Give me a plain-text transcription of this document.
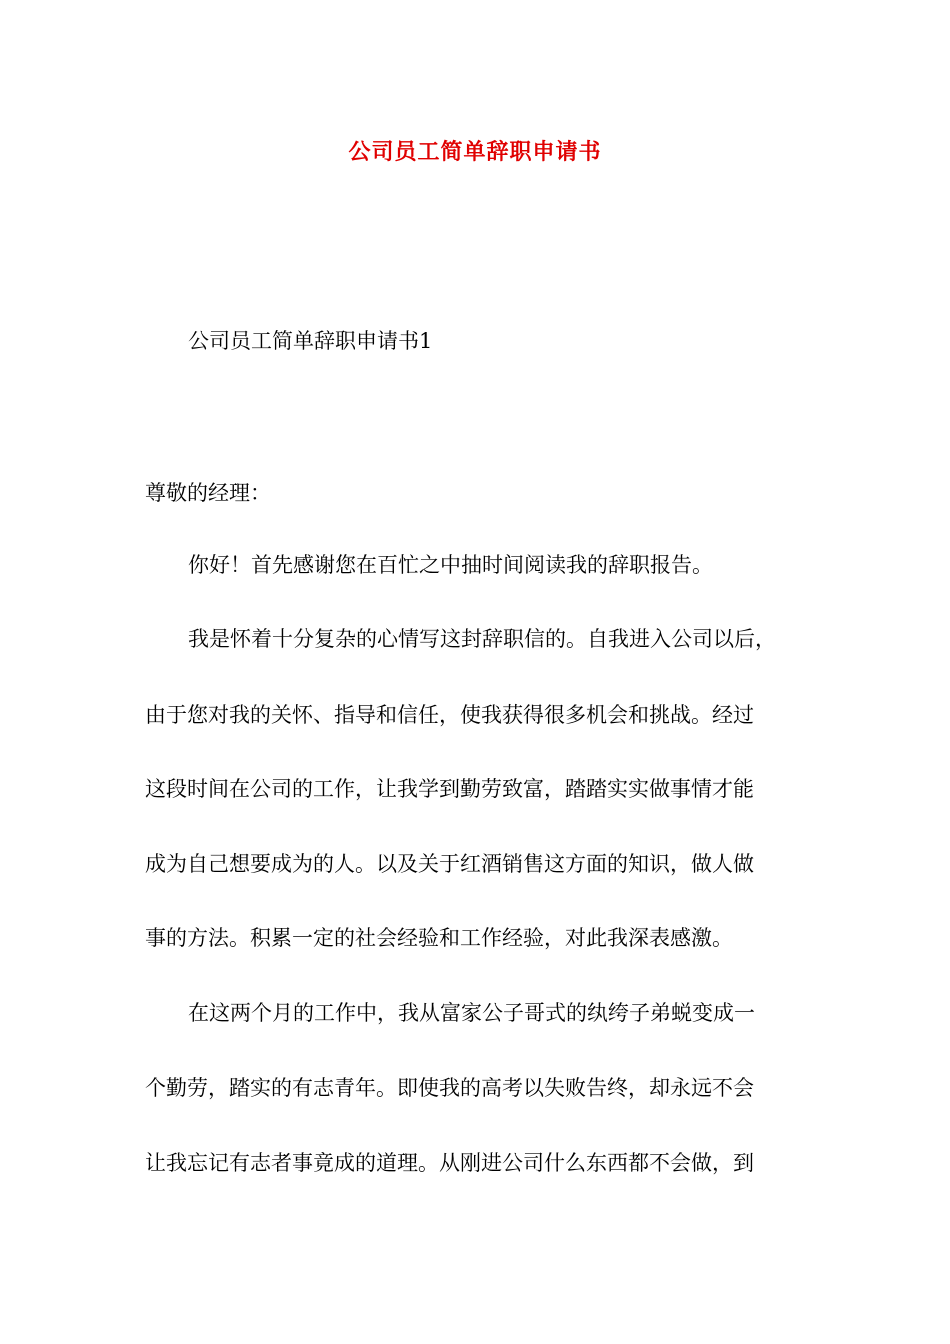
公司员工简单辞职申请书
公司员工简单辞职申请书1
尊敬的经理：
你好！首先感谢您在百忙之中抽时间阅读我的辞职报告。
我是怀着十分复杂的心情写这封辞职信的。自我进入公司以后，
由于您对我的关怀、指导和信任，使我获得很多机会和挑战。经过
这段时间在公司的工作，让我学到勤劳致富，踏踏实实做事情才能
成为自己想要成为的人。以及关于红酒销售这方面的知识，做人做
事的方法。积累一定的社会经验和工作经验，对此我深表感激。
在这两个月的工作中，我从富家公子哥式的纨绔子弟蜕变成一
个勤劳，踏实的有志青年。即使我的高考以失败告终，却永远不会
让我忘记有志者事竟成的道理。从刚进公司什么东西都不会做，到
